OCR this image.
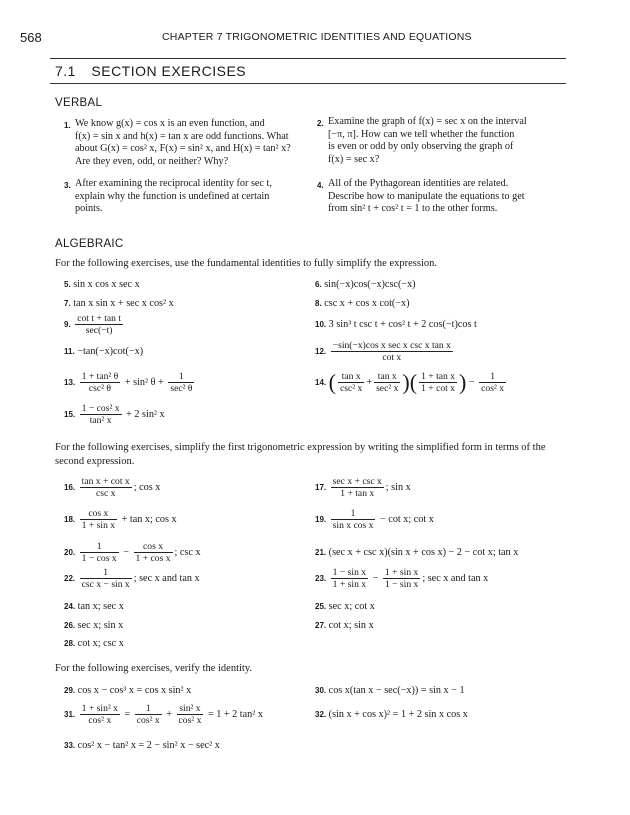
568	CHAPTER 7 TRIGONOMETRIC IDENTITIES AND EQUATIONS
7.1 SECTION EXERCISES
VERBAL
1. We know g(x) = cos x is an even function, and
f(x) = sin x and h(x) = tan x are odd functions. What
about G(x) = cos² x, F(x) = sin² x, and H(x) = tan² x?
Are they even, odd, or neither? Why?
2. Examine the graph of f(x) = sec x on the interval
[−π, π]. How can we tell whether the function
is even or odd by only observing the graph of
f(x) = sec x?
3. After examining the reciprocal identity for sec t,
explain why the function is undefined at certain
points.
4. All of the Pythagorean identities are related.
Describe how to manipulate the equations to get
from sin² t + cos² t = 1 to the other forms.
ALGEBRAIC
For the following exercises, use the fundamental identities to fully simplify the expression.
5. sin x cos x sec x	6. sin(−x)cos(−x)csc(−x)
7. tan x sin x + sec x cos² x	8. csc x + cos x cot(−x)
9. $\frac{\text{cot t + tan t}}{\sec(-t)}$	10. 3 sin³ t csc t + cos² t + 2 cos(−t)cos t
11. −tan(−x)cot(−x)	12. $\frac{\text{−sin(−x)cos x sec x csc x tan x}}{\text{cot x}}$
13. $\frac{\text{1 + tan² θ}}{\text{csc² θ}} + \sin^2$ $\theta + \frac{1}{\text{sec² θ}}$	14. ( $\frac{\text{tan x}}{\text{csc² x}} + \frac{\text{tan x}}{\text{sec² x}}$ )( $\frac{\text{1 + tan x}}{\text{1 + cot x}}$ ) − $\frac{1}{\text{cos² x}}$
15. $\frac{\text{1 − cos² x}}{\text{tan² x}} + 2$ sin² x
For the following exercises, simplify the first trigonometric expression by writing the simplified form in terms of the second expression.
16. $\frac{\text{tan x + cot x}}{\text{csc x}}$ ; cos x	17. $\frac{\text{sec x + csc x}}{\text{1 + tan x}}$ ; sin x
18. $\frac{\text{cos x}}{\text{1 + sin x}} + \tan x$; cos x	19. $\frac{1}{\text{sin x cos x}} - \cot x$; cot x
20. $\frac{1}{\text{1 − cos x}} - \frac{\text{cos x}}{\text{1 + cos x}}$ ; csc x	21. (sec x + csc x)(sin x + cos x) − 2 − cot x; tan x
22. $\frac{1}{\text{csc x − sin x}}$ ; sec x and tan x	23. $\frac{\text{1 − sin x}}{\text{1 + sin x}} - \frac{\text{1 + sin x}}{\text{1 − sin x}}$ ; sec x and tan x
24. tan x; sec x	25. sec x; cot x
26. sec x; sin x	27. cot x; sin x
28. cot x; csc x
For the following exercises, verify the identity.
29. cos x − cos³ x = cos x sin² x	30. cos x(tan x − sec(−x)) = sin x − 1
31. $\frac{\text{1 + sin² x}}{\text{cos² x}} = \frac{1}{\text{cos² x}} + \frac{\text{sin² x}}{\text{cos² x}} = 1 + 2$ tan² x	32. (sin x + cos x)² = 1 + 2 sin x cos x
33. cos² x − tan² x = 2 − sin² x − sec² x
